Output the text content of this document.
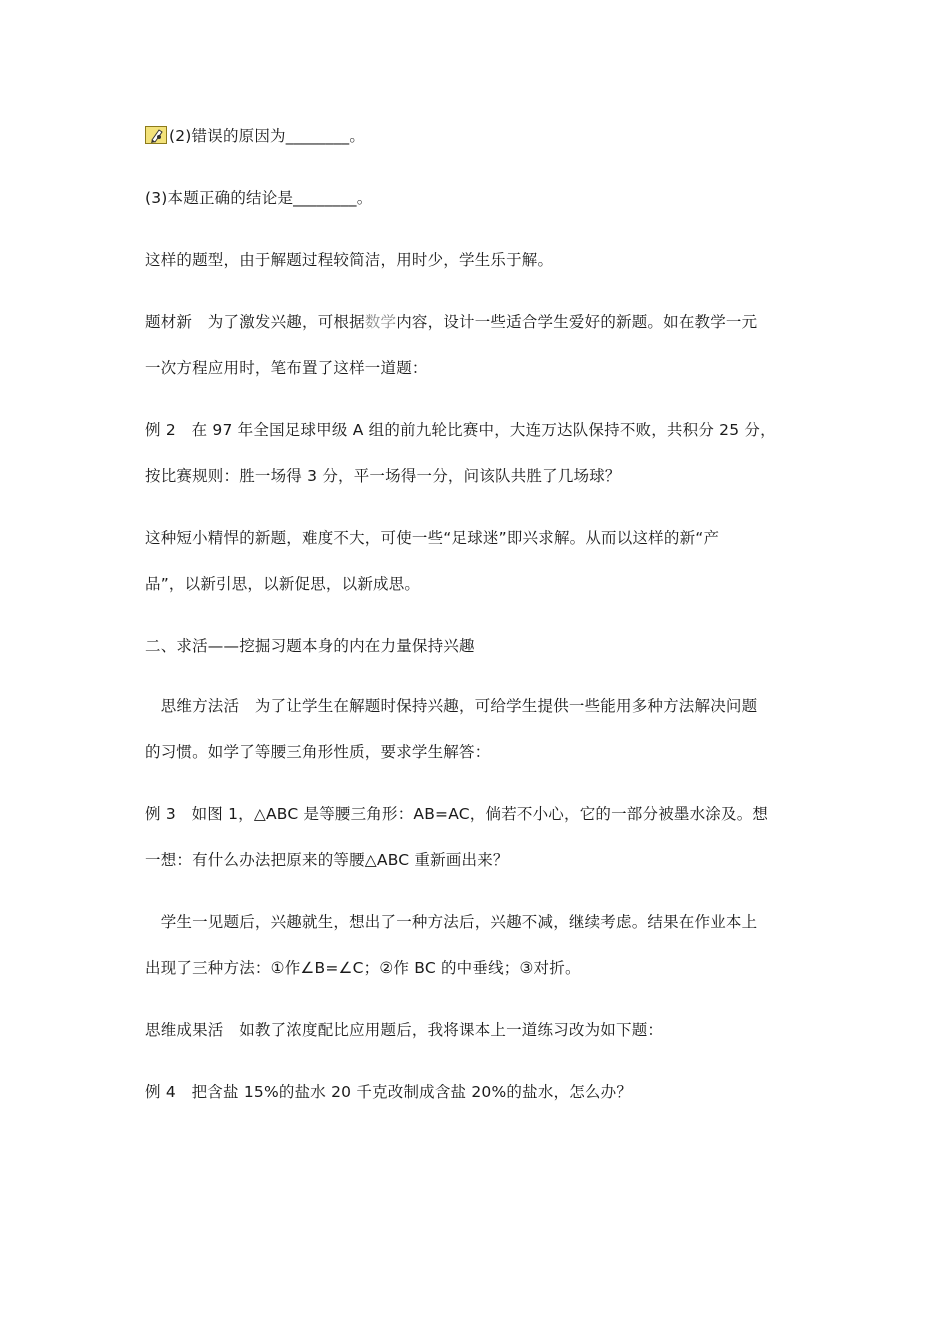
(2)错误的原因为________。
(3)本题正确的结论是________。
这样的题型，由于解题过程较简洁，用时少，学生乐于解。
题材新　为了激发兴趣，可根据数学内容，设计一些适合学生爱好的新题。如在教学一元
一次方程应用时，笔布置了这样一道题：
例 2　在 97 年全国足球甲级 A 组的前九轮比赛中，大连万达队保持不败，共积分 25 分，
按比赛规则：胜一场得 3 分，平一场得一分，问该队共胜了几场球？
这种短小精悍的新题，难度不大，可使一些“足球迷”即兴求解。从而以这样的新“产
品”，以新引思，以新促思，以新成思。
二、求活——挖掘习题本身的内在力量保持兴趣
　思维方法活　为了让学生在解题时保持兴趣，可给学生提供一些能用多种方法解决问题
的习惯。如学了等腰三角形性质，要求学生解答：
例 3　如图 1，△ABC 是等腰三角形：AB=AC，倘若不小心，它的一部分被墨水涂及。想
一想：有什么办法把原来的等腰△ABC 重新画出来？
　学生一见题后，兴趣就生，想出了一种方法后，兴趣不减，继续考虑。结果在作业本上
出现了三种方法：①作∠B=∠C；②作 BC 的中垂线；③对折。
思维成果活　如教了浓度配比应用题后，我将课本上一道练习改为如下题：
例 4　把含盐 15%的盐水 20 千克改制成含盐 20%的盐水，怎么办？
